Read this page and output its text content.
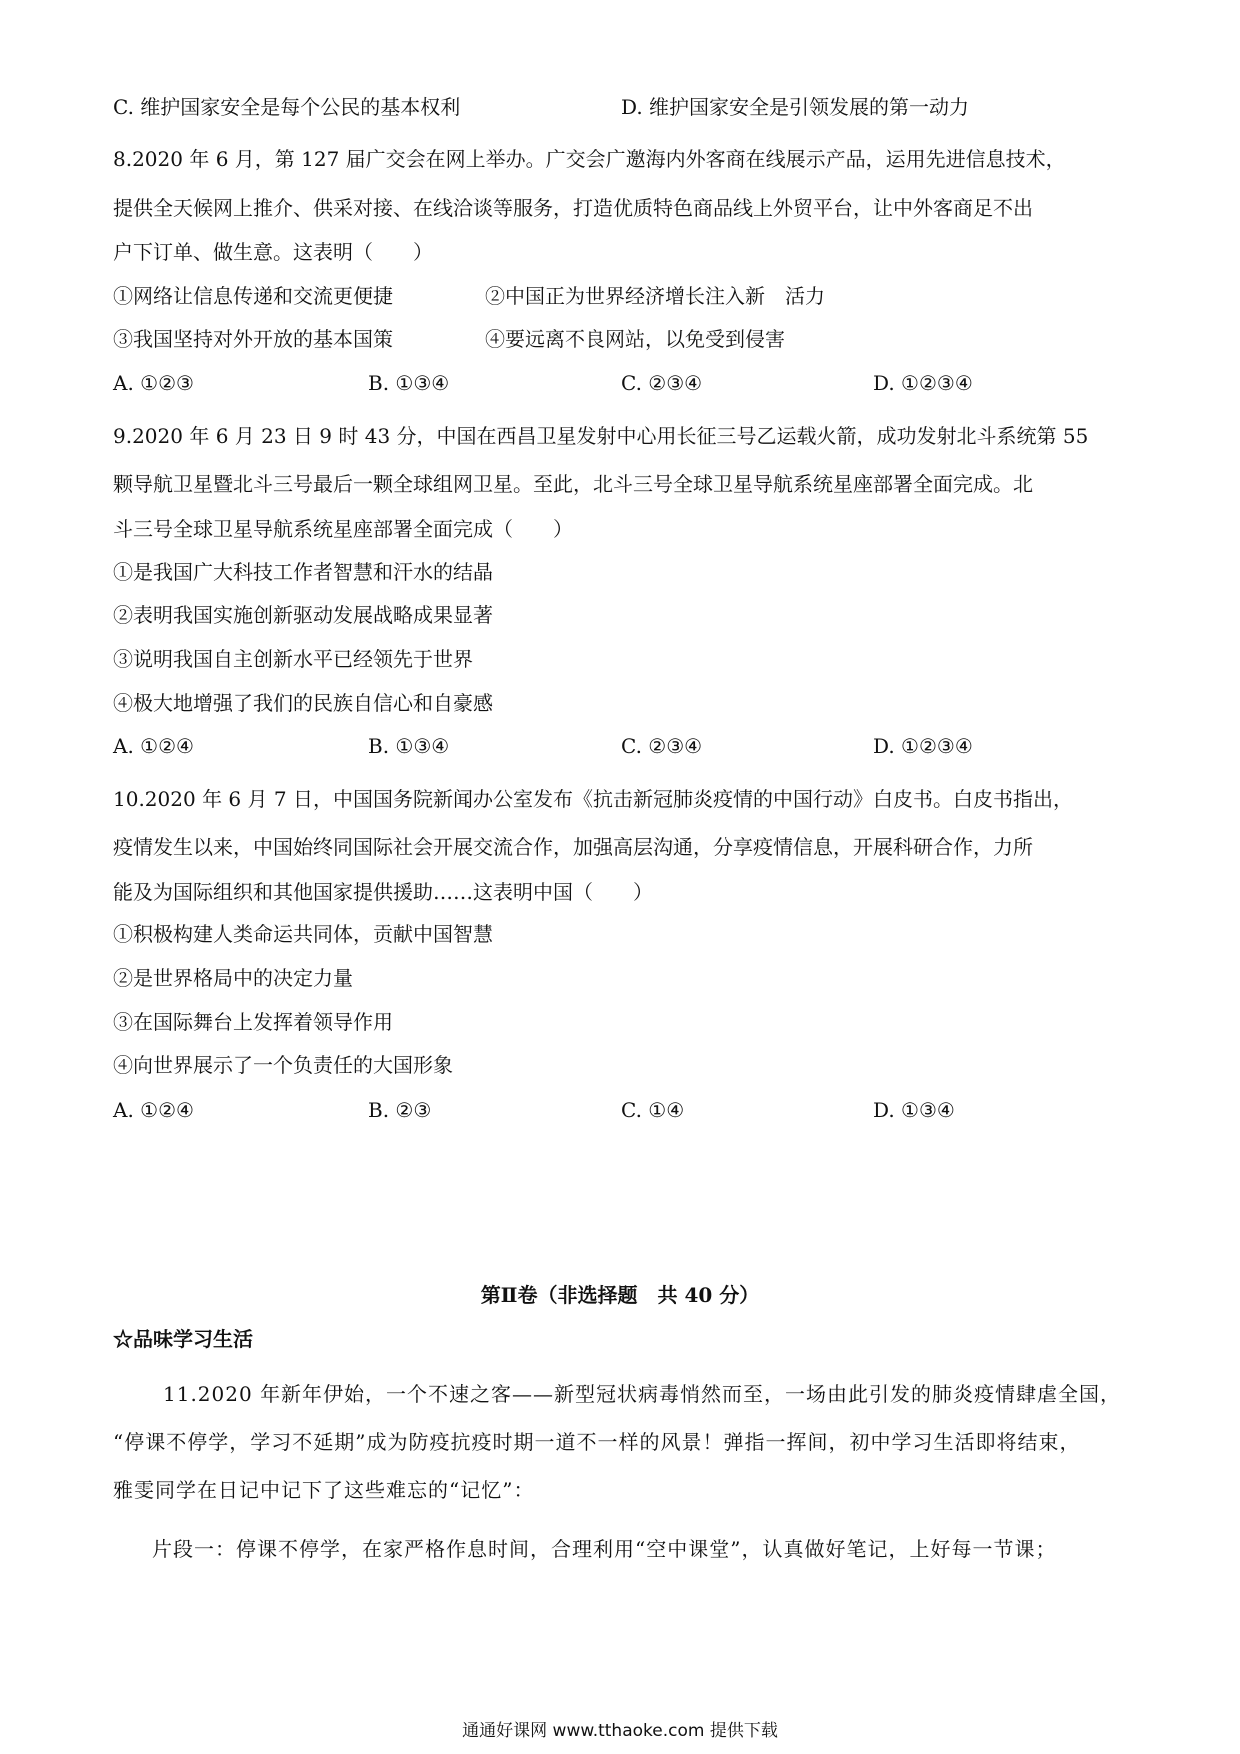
C. 维护国家安全是每个公民的基本权利	D. 维护国家安全是引领发展的第一动力
8.2020 年 6 月，第 127 届广交会在网上举办。广交会广邀海内外客商在线展示产品，运用先进信息技术，
提供全天候网上推介、供采对接、在线洽谈等服务，打造优质特色商品线上外贸平台，让中外客商足不出
户下订单、做生意。这表明（　　）
①网络让信息传递和交流更便捷	②中国正为世界经济增长注入新　活力
③我国坚持对外开放的基本国策	④要远离不良网站，以免受到侵害
A. ①②③	B. ①③④	C. ②③④	D. ①②③④
9.2020 年 6 月 23 日 9 时 43 分，中国在西昌卫星发射中心用长征三号乙运载火箭，成功发射北斗系统第 55
颗导航卫星暨北斗三号最后一颗全球组网卫星。至此，北斗三号全球卫星导航系统星座部署全面完成。北
斗三号全球卫星导航系统星座部署全面完成（　　）
①是我国广大科技工作者智慧和汗水的结晶
②表明我国实施创新驱动发展战略成果显著
③说明我国自主创新水平已经领先于世界
④极大地增强了我们的民族自信心和自豪感
A. ①②④	B. ①③④	C. ②③④	D. ①②③④
10.2020 年 6 月 7 日，中国国务院新闻办公室发布《抗击新冠肺炎疫情的中国行动》白皮书。白皮书指出，
疫情发生以来，中国始终同国际社会开展交流合作，加强高层沟通，分享疫情信息，开展科研合作，力所
能及为国际组织和其他国家提供援助……这表明中国（　　）
①积极构建人类命运共同体，贡献中国智慧
②是世界格局中的决定力量
③在国际舞台上发挥着领导作用
④向世界展示了一个负责任的大国形象
A. ①②④	B. ②③	C. ①④	D. ①③④
第Ⅱ卷（非选择题　共 40 分）
☆品味学习生活
11.2020 年新年伊始，一个不速之客——新型冠状病毒悄然而至，一场由此引发的肺炎疫情肆虐全国，
“停课不停学，学习不延期”成为防疫抗疫时期一道不一样的风景！弹指一挥间，初中学习生活即将结束，
雅雯同学在日记中记下了这些难忘的“记忆”：
片段一：停课不停学，在家严格作息时间，合理利用“空中课堂”，认真做好笔记，上好每一节课；
通通好课网 www.tthaoke.com 提供下载
